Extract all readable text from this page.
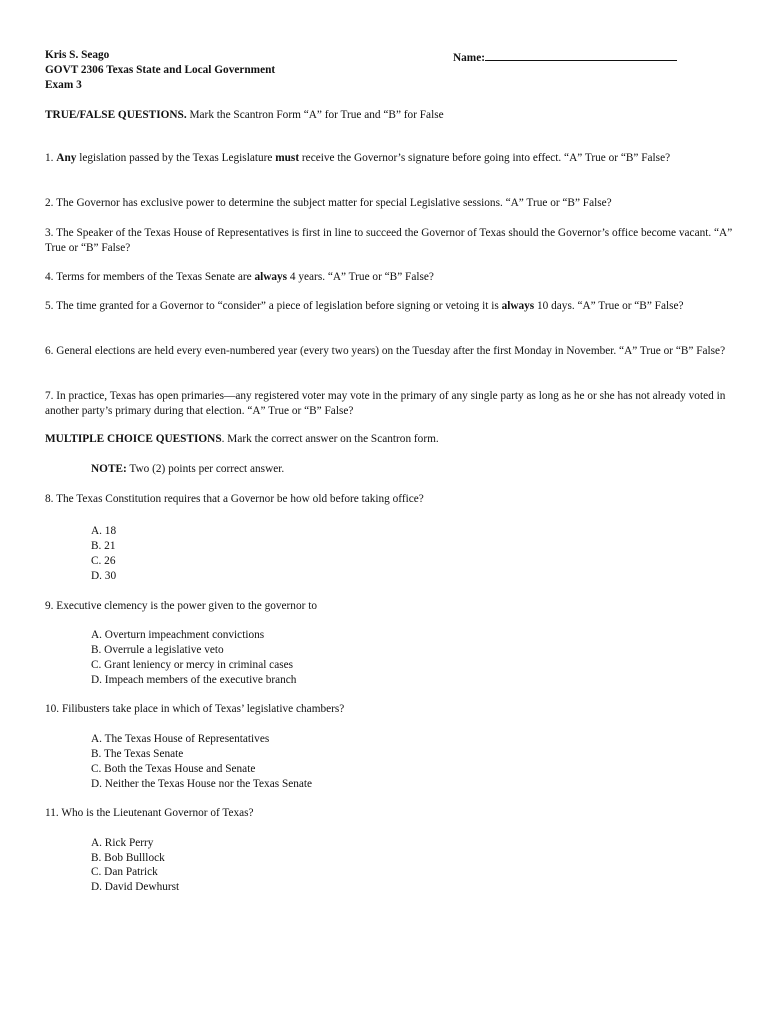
Kris S. Seago
GOVT 2306 Texas State and Local Government
Exam 3
Name:
TRUE/FALSE QUESTIONS. Mark the Scantron Form “A” for True and “B” for False
1. Any legislation passed by the Texas Legislature must receive the Governor’s signature before going into effect. “A” True or “B” False?
2. The Governor has exclusive power to determine the subject matter for special Legislative sessions. “A” True or “B” False?
3. The Speaker of the Texas House of Representatives is first in line to succeed the Governor of Texas should the Governor’s office become vacant. “A” True or “B” False?
4. Terms for members of the Texas Senate are always 4 years. “A” True or “B” False?
5. The time granted for a Governor to “consider” a piece of legislation before signing or vetoing it is always 10 days. “A” True or “B” False?
6. General elections are held every even-numbered year (every two years) on the Tuesday after the first Monday in November. “A” True or “B” False?
7. In practice, Texas has open primaries—any registered voter may vote in the primary of any single party as long as he or she has not already voted in another party’s primary during that election. “A” True or “B” False?
MULTIPLE CHOICE QUESTIONS. Mark the correct answer on the Scantron form.
NOTE: Two (2) points per correct answer.
8. The Texas Constitution requires that a Governor be how old before taking office?
A. 18
B. 21
C. 26
D. 30
9. Executive clemency is the power given to the governor to
A. Overturn impeachment convictions
B. Overrule a legislative veto
C. Grant leniency or mercy in criminal cases
D. Impeach members of the executive branch
10. Filibusters take place in which of Texas’ legislative chambers?
A. The Texas House of Representatives
B. The Texas Senate
C. Both the Texas House and Senate
D. Neither the Texas House nor the Texas Senate
11. Who is the Lieutenant Governor of Texas?
A. Rick Perry
B. Bob Bulllock
C. Dan Patrick
D. David Dewhurst
